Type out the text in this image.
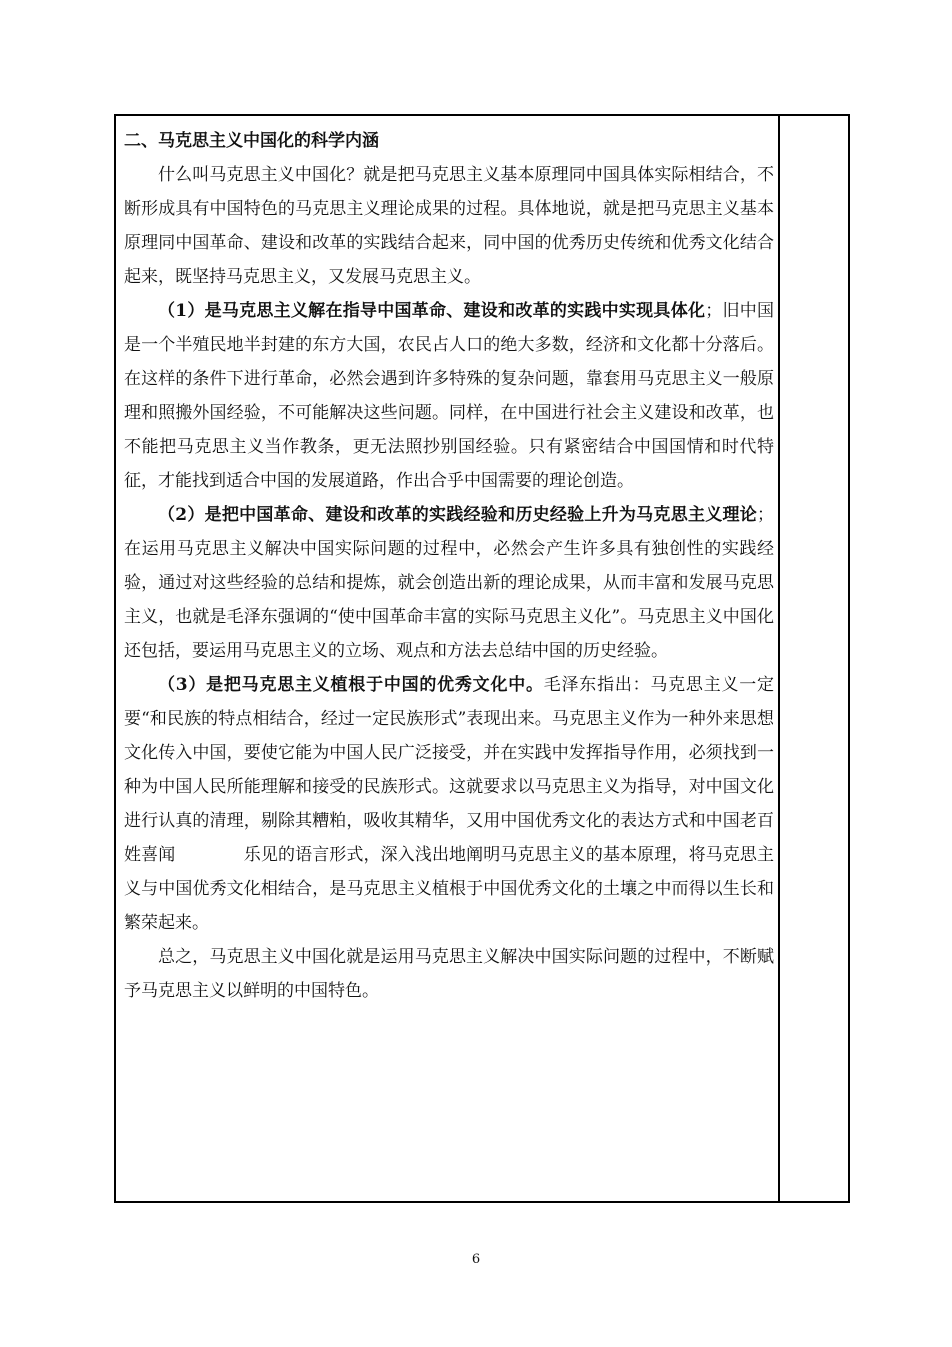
二、马克思主义中国化的科学内涵

什么叫马克思主义中国化？就是把马克思主义基本原理同中国具体实际相结合，不断形成具有中国特色的马克思主义理论成果的过程。具体地说，就是把马克思主义基本原理同中国革命、建设和改革的实践结合起来，同中国的优秀历史传统和优秀文化结合起来，既坚持马克思主义，又发展马克思主义。

（1）是马克思主义解在指导中国革命、建设和改革的实践中实现具体化；旧中国是一个半殖民地半封建的东方大国，农民占人口的绝大多数，经济和文化都十分落后。在这样的条件下进行革命，必然会遇到许多特殊的复杂问题，靠套用马克思主义一般原理和照搬外国经验，不可能解决这些问题。同样，在中国进行社会主义建设和改革，也不能把马克思主义当作教条，更无法照抄别国经验。只有紧密结合中国国情和时代特征，才能找到适合中国的发展道路，作出合乎中国需要的理论创造。

（2）是把中国革命、建设和改革的实践经验和历史经验上升为马克思主义理论；在运用马克思主义解决中国实际问题的过程中，必然会产生许多具有独创性的实践经验，通过对这些经验的总结和提炼，就会创造出新的理论成果，从而丰富和发展马克思主义，也就是毛泽东强调的“使中国革命丰富的实际马克思主义化”。马克思主义中国化还包括，要运用马克思主义的立场、观点和方法去总结中国的历史经验。

（3）是把马克思主义植根于中国的优秀文化中。毛泽东指出：马克思主义一定要“和民族的特点相结合，经过一定民族形式”表现出来。马克思主义作为一种外来思想文化传入中国，要使它能为中国人民广泛接受，并在实践中发挥指导作用，必须找到一种为中国人民所能理解和接受的民族形式。这就要求以马克思主义为指导，对中国文化进行认真的清理，剔除其糟粕，吸收其精华，又用中国优秀文化的表达方式和中国老百姓喜闻　　　　乐见的语言形式，深入浅出地阐明马克思主义的基本原理，将马克思主义与中国优秀文化相结合，是马克思主义植根于中国优秀文化的土壤之中而得以生长和繁荣起来。

总之，马克思主义中国化就是运用马克思主义解决中国实际问题的过程中，不断赋予马克思主义以鲜明的中国特色。

6
